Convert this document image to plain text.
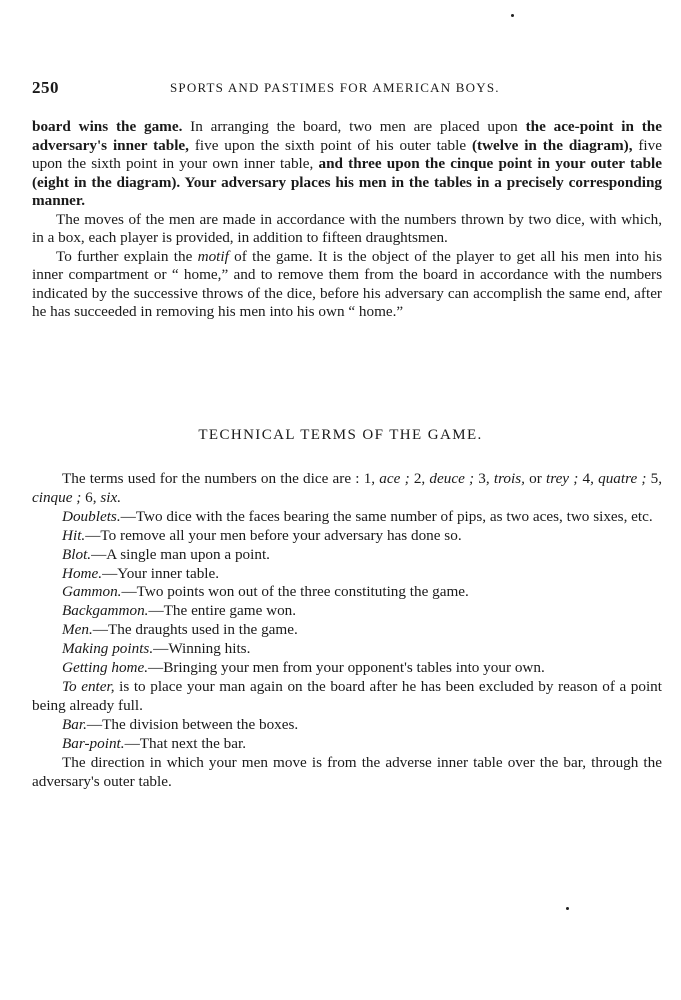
250	SPORTS AND PASTIMES FOR AMERICAN BOYS.

board wins the game. In arranging the board, two men are placed upon the ace-point in the adversary's inner table, five upon the sixth point of his outer table (twelve in the diagram), five upon the sixth point in your own inner table, and three upon the cinque point in your outer table (eight in the diagram). Your adversary places his men in the tables in a precisely corresponding manner.

The moves of the men are made in accordance with the numbers thrown by two dice, with which, in a box, each player is provided, in addition to fifteen draughtsmen.

To further explain the motif of the game. It is the object of the player to get all his men into his inner compartment or “ home,” and to remove them from the board in accordance with the numbers indicated by the successive throws of the dice, before his adversary can accomplish the same end, after he has succeeded in removing his men into his own “ home.”

TECHNICAL TERMS OF THE GAME.

The terms used for the numbers on the dice are : 1, ace ; 2, deuce ; 3, trois, or trey ; 4, quatre ; 5, cinque ; 6, six.

Doublets.—Two dice with the faces bearing the same number of pips, as two aces, two sixes, etc.

Hit.—To remove all your men before your adversary has done so.

Blot.—A single man upon a point.

Home.—Your inner table.

Gammon.—Two points won out of the three constituting the game.

Backgammon.—The entire game won.

Men.—The draughts used in the game.

Making points.—Winning hits.

Getting home.—Bringing your men from your opponent's tables into your own.

To enter, is to place your man again on the board after he has been excluded by reason of a point being already full.

Bar.—The division between the boxes.

Bar-point.—That next the bar.

The direction in which your men move is from the adverse inner table over the bar, through the adversary's outer table.
